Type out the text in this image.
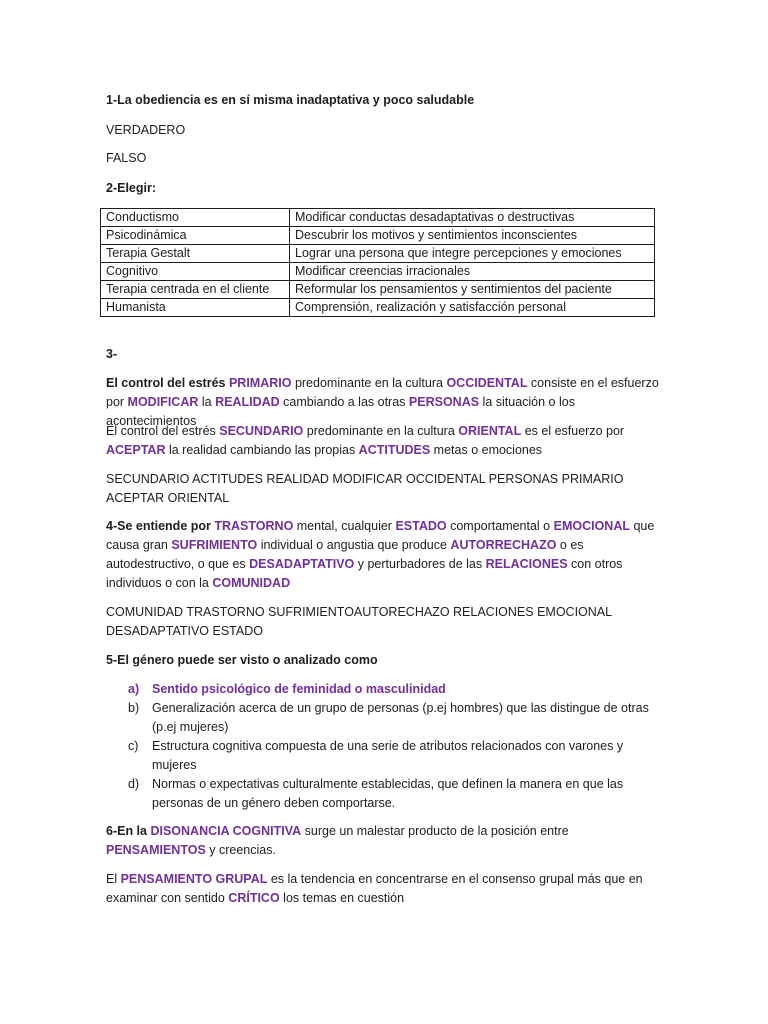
1-La obediencia es en sí misma inadaptativa y poco saludable
VERDADERO
FALSO
2-Elegir:
Conductismo	Modificar conductas desadaptativas o destructivas
Psicodinámica	Descubrir los motivos y sentimientos inconscientes
Terapia Gestalt	Lograr una persona que integre percepciones y emociones
Cognitivo	Modificar creencias irracionales
Terapia centrada en el cliente	Reformular los pensamientos y sentimientos del paciente
Humanista	Comprensión, realización y satisfacción personal
3-
El control del estrés PRIMARIO predominante en la cultura OCCIDENTAL consiste en el esfuerzo por MODIFICAR la REALIDAD cambiando a las otras PERSONAS la situación o los acontecimientos
El control del estrés SECUNDARIO predominante en la cultura ORIENTAL es el esfuerzo por ACEPTAR la realidad cambiando las propias ACTITUDES metas o emociones
SECUNDARIO ACTITUDES REALIDAD MODIFICAR OCCIDENTAL PERSONAS PRIMARIO ACEPTAR ORIENTAL
4-Se entiende por TRASTORNO mental, cualquier ESTADO comportamental o EMOCIONAL que causa gran SUFRIMIENTO individual o angustia que produce AUTORRECHAZO o es autodestructivo, o que es DESADAPTATIVO y perturbadores de las RELACIONES con otros individuos o con la COMUNIDAD
COMUNIDAD TRASTORNO SUFRIMIENTOAUTORECHAZO RELACIONES EMOCIONAL DESADAPTATIVO ESTADO
5-El género puede ser visto o analizado como
a) Sentido psicológico de feminidad o masculinidad
b) Generalización acerca de un grupo de personas (p.ej hombres) que las distingue de otras (p.ej mujeres)
c) Estructura cognitiva compuesta de una serie de atributos relacionados con varones y mujeres
d) Normas o expectativas culturalmente establecidas, que definen la manera en que las personas de un género deben comportarse.
6-En la DISONANCIA COGNITIVA surge un malestar producto de la posición entre PENSAMIENTOS y creencias.
El PENSAMIENTO GRUPAL es la tendencia en concentrarse en el consenso grupal más que en examinar con sentido CRÍTICO los temas en cuestión
